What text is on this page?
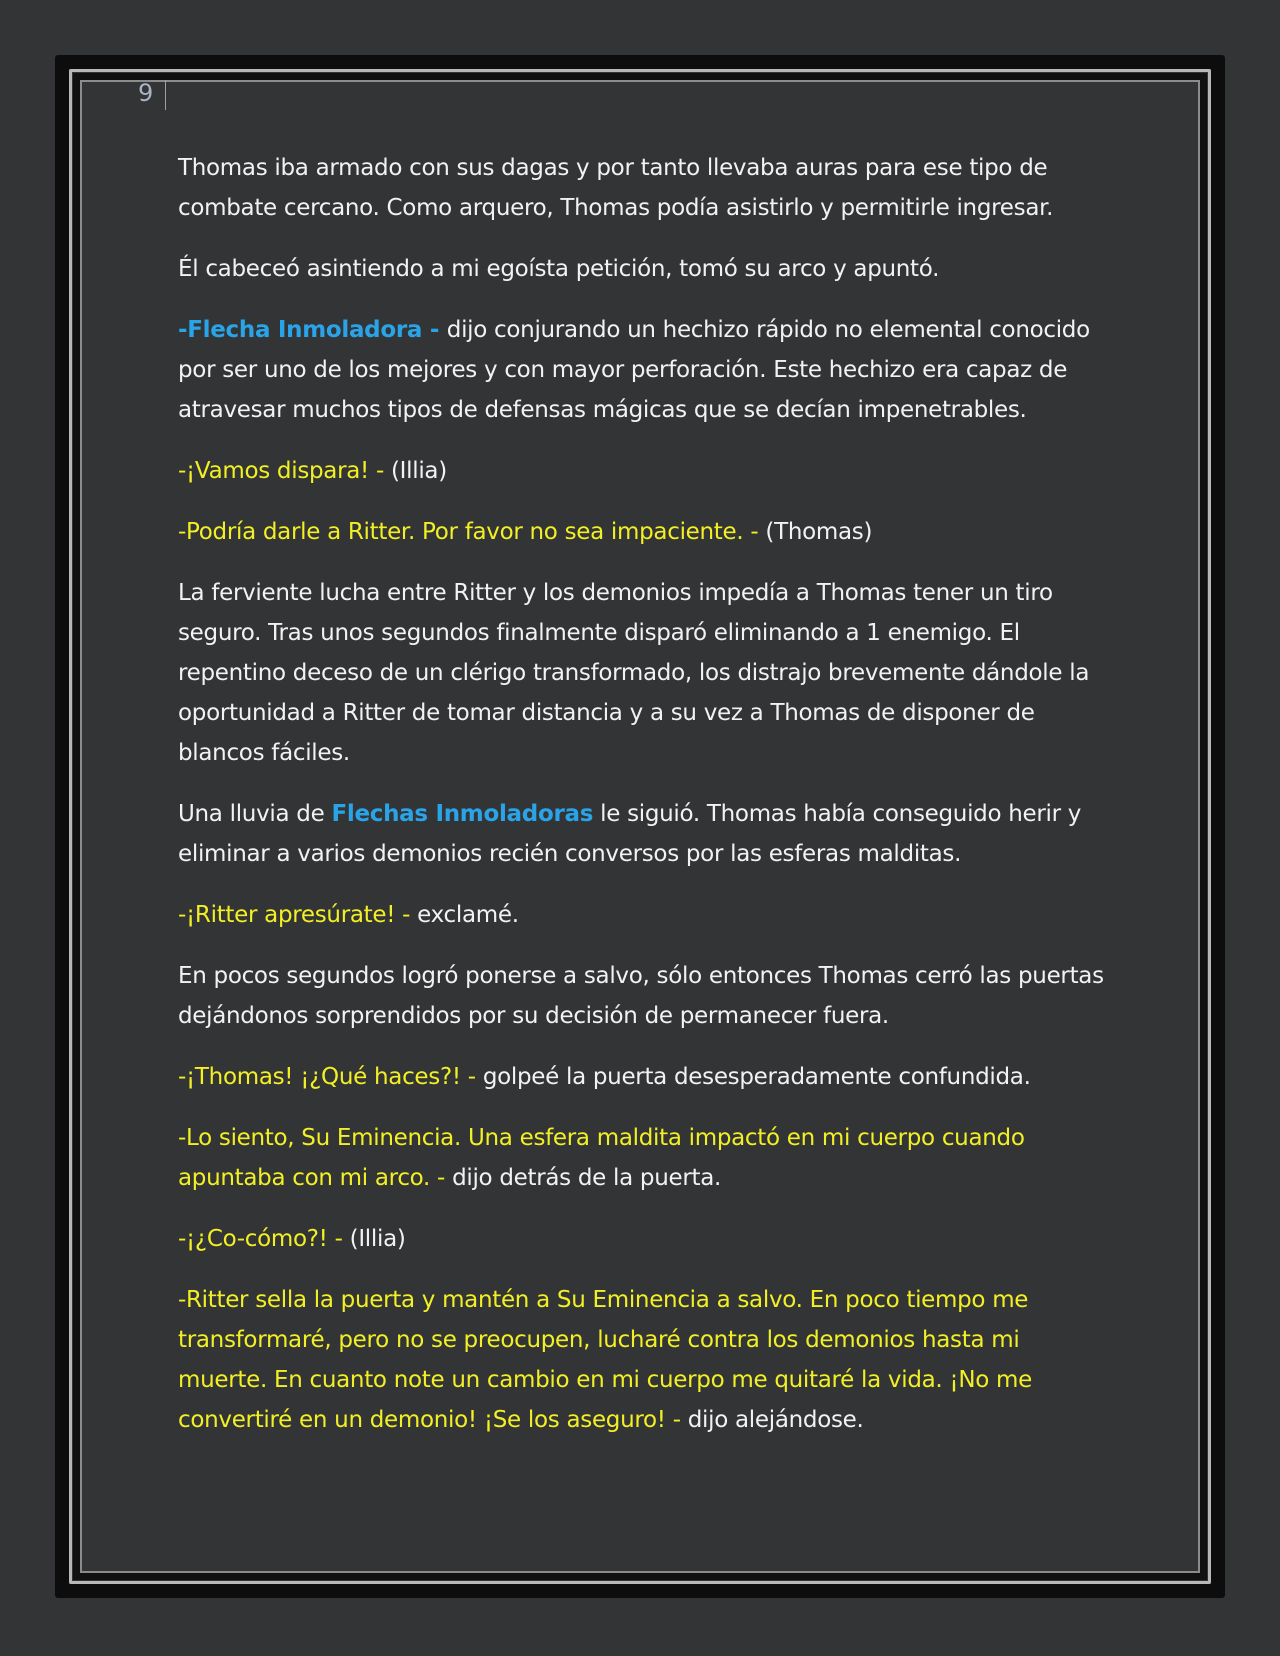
9

Thomas iba armado con sus dagas y por tanto llevaba auras para ese tipo de combate cercano. Como arquero, Thomas podía asistirlo y permitirle ingresar.

Él cabeceó asintiendo a mi egoísta petición, tomó su arco y apuntó.

-Flecha Inmoladora - dijo conjurando un hechizo rápido no elemental conocido por ser uno de los mejores y con mayor perforación. Este hechizo era capaz de atravesar muchos tipos de defensas mágicas que se decían impenetrables.

-¡Vamos dispara! - (Illia)

-Podría darle a Ritter. Por favor no sea impaciente. - (Thomas)

La ferviente lucha entre Ritter y los demonios impedía a Thomas tener un tiro seguro. Tras unos segundos finalmente disparó eliminando a 1 enemigo. El repentino deceso de un clérigo transformado, los distrajo brevemente dándole la oportunidad a Ritter de tomar distancia y a su vez a Thomas de disponer de blancos fáciles.

Una lluvia de Flechas Inmoladoras le siguió. Thomas había conseguido herir y eliminar a varios demonios recién conversos por las esferas malditas.

-¡Ritter apresúrate! - exclamé.

En pocos segundos logró ponerse a salvo, sólo entonces Thomas cerró las puertas dejándonos sorprendidos por su decisión de permanecer fuera.

-¡Thomas! ¡¿Qué haces?! - golpeé la puerta desesperadamente confundida.

-Lo siento, Su Eminencia. Una esfera maldita impactó en mi cuerpo cuando apuntaba con mi arco. - dijo detrás de la puerta.

-¡¿Co-cómo?! - (Illia)

-Ritter sella la puerta y mantén a Su Eminencia a salvo. En poco tiempo me transformaré, pero no se preocupen, lucharé contra los demonios hasta mi muerte. En cuanto note un cambio en mi cuerpo me quitaré la vida. ¡No me convertiré en un demonio! ¡Se los aseguro! - dijo alejándose.
